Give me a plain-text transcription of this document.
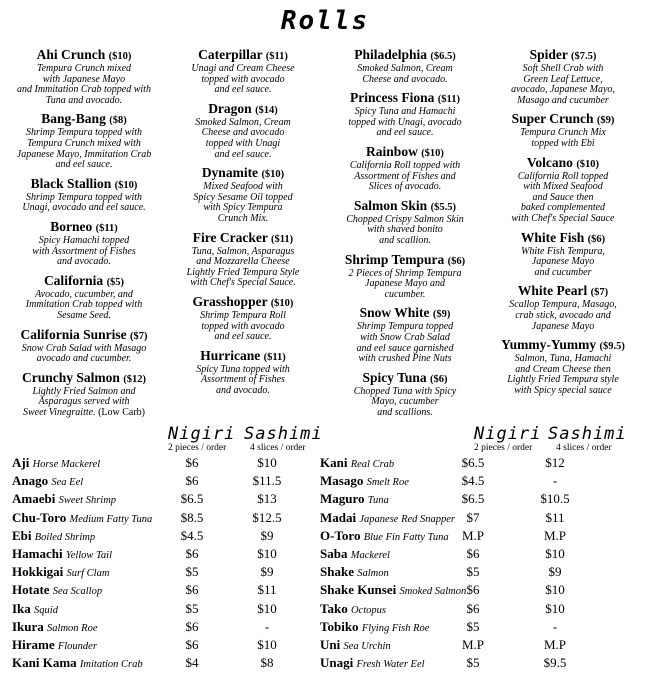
Rolls
Ahi Crunch ($10)
Tempura Crunch mixed
with Japanese Mayo
and Immitation Crab topped with
Tuna and avocado.
Bang-Bang ($8)
Shrimp Tempura topped with
Tempura Crunch mixed with
Japanese Mayo, Immitation Crab
and eel sauce.
Black Stallion ($10)
Shrimp Tempura topped with
Unagi, avocado and eel sauce.
Borneo ($11)
Spicy Hamachi topped
with Assortment of Fishes
and avocado.
California ($5)
Avocado, cucumber, and
Immitation Crab topped with
Sesame Seed.
California Sunrise ($7)
Snow Crab Salad with Masago
avocado and cucumber.
Crunchy Salmon ($12)
Lightly Fried Salmon and
Asparagus served with
Sweet Vinegraitte. (Low Carb)
Caterpillar ($11)
Unagi and Cream Cheese
topped with avocado
and eel sauce.
Dragon ($14)
Smoked Salmon, Cream
Cheese and avocado
topped with Unagi
and eel sauce.
Dynamite ($10)
Mixed Seafood with
Spicy Sesame Oil topped
with Spicy Tempura
Crunch Mix.
Fire Cracker ($11)
Tuna, Salmon, Asparagus
and Mozzarella Cheese
Lightly Fried Tempura Style
with Chef's Special Sauce.
Grasshopper ($10)
Shrimp Tempura Roll
topped with avocado
and eel sauce.
Hurricane ($11)
Spicy Tuna topped with
Assortment of Fishes
and avocado.
Philadelphia ($6.5)
Smoked Salmon, Cream
Cheese and avocado.
Princess Fiona ($11)
Spicy Tuna and Hamachi
topped with Unagi, avocado
and eel sauce.
Rainbow ($10)
California Roll topped with
Assortment of Fishes and
Slices of avocado.
Salmon Skin ($5.5)
Chopped Crispy Salmon Skin
with shaved bonito
and scallion.
Shrimp Tempura ($6)
2 Pieces of Shrimp Tempura
Japanese Mayo and
cucumber.
Snow White ($9)
Shrimp Tempura topped
with Snow Crab Salad
and eel sauce garnished
with crushed Pine Nuts
Spicy Tuna ($6)
Chopped Tuna with Spicy
Mayo, cucumber
and scallions.
Spider ($7.5)
Soft Shell Crab with
Green Leaf Lettuce,
avocado, Japanese Mayo,
Masago and cucumber
Super Crunch ($9)
Tempura Crunch Mix
topped with Ebi
Volcano ($10)
California Roll topped
with Mixed Seafood
and Sauce then
baked complemented
with Chef's Special Sauce
White Fish ($6)
White Fish Tempura,
Japanese Mayo
and cucumber
White Pearl ($7)
Scallop Tempura, Masago,
crab stick, avocado and
Japanese Mayo
Yummy-Yummy ($9.5)
Salmon, Tuna, Hamachi
and Cream Cheese then
Lightly Fried Tempura style
with Spicy special sauce
Nigiri Sashimi
2 pieces / order 4 slices / order
Aji Horse Mackerel	$6	$10
Anago Sea Eel	$6	$11.5
Amaebi Sweet Shrimp	$6.5	$13
Chu-Toro Medium Fatty Tuna	$8.5	$12.5
Ebi Boiled Shrimp	$4.5	$9
Hamachi Yellow Tail	$6	$10
Hokkigai Surf Clam	$5	$9
Hotate Sea Scallop	$6	$11
Ika Squid	$5	$10
Ikura Salmon Roe	$6	-
Hirame Flounder	$6	$10
Kani Kama Imitation Crab	$4	$8
Nigiri Sashimi
2 pieces / order 4 slices / order
Kani Real Crab	$6.5	$12
Masago Smelt Roe	$4.5	-
Maguro Tuna	$6.5	$10.5
Madai Japanese Red Snapper $7	$11
O-Toro Blue Fin Fatty Tuna	M.P	M.P
Saba Mackerel	$6	$10
Shake Salmon	$5	$9
Shake Kunsei Smoked Salmon $6	$10
Tako Octopus	$6	$10
Tobiko Flying Fish Roe	$5	-
Uni Sea Urchin	M.P	M.P
Unagi Fresh Water Eel	$5	$9.5
